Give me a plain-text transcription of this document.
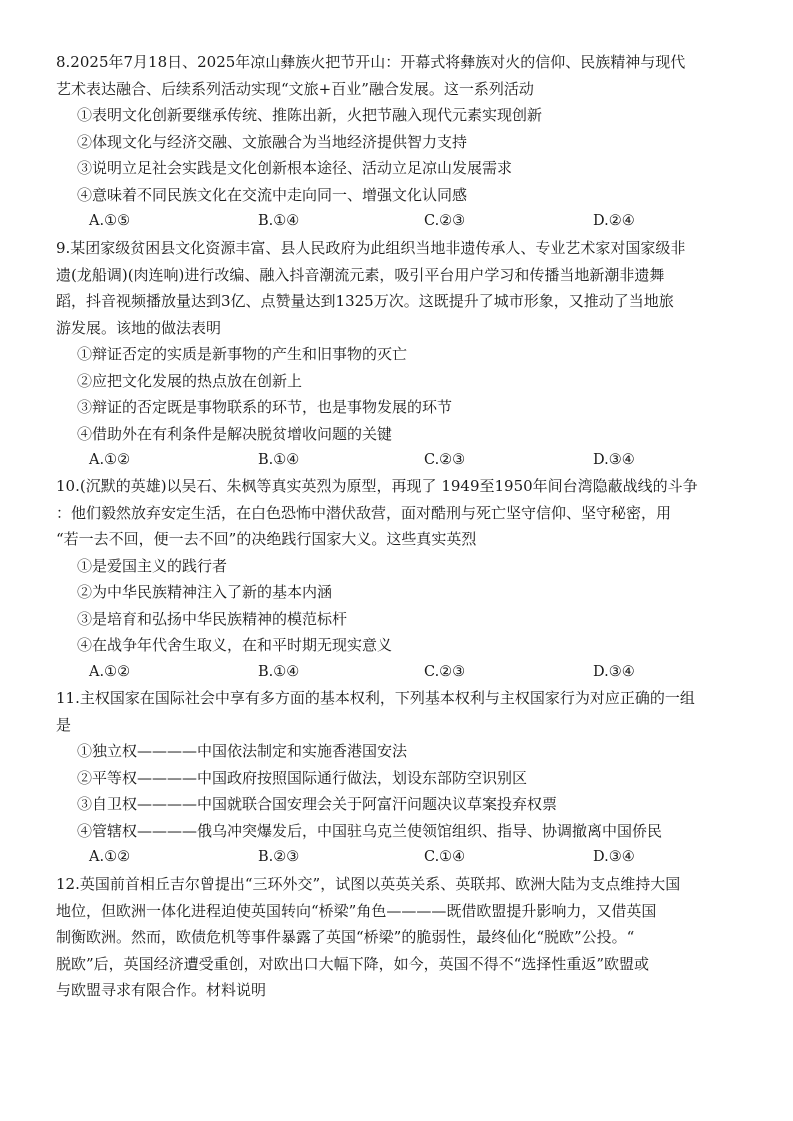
8.2025年7月18日、2025年凉山彝族火把节开山：开幕式将彝族对火的信仰、民族精神与现代
艺术表达融合、后续系列活动实现“文旅+百业”融合发展。这一系列活动
①表明文化创新要继承传统、推陈出新，火把节融入现代元素实现创新
②体现文化与经济交融、文旅融合为当地经济提供智力支持
③说明立足社会实践是文化创新根本途径、活动立足凉山发展需求
④意味着不同民族文化在交流中走向同一、增强文化认同感
A.①⑤	B.①④	C.②③	D.②④
9.某团家级贫困县文化资源丰富、县人民政府为此组织当地非遗传承人、专业艺术家对国家级非
遗(龙船调)(肉连响)进行改编、融入抖音潮流元素，吸引平台用户学习和传播当地新潮非遗舞
蹈，抖音视频播放量达到3亿、点赞量达到1325万次。这既提升了城市形象，又推动了当地旅
游发展。该地的做法表明
①辩证否定的实质是新事物的产生和旧事物的灭亡
②应把文化发展的热点放在创新上
③辩证的否定既是事物联系的环节，也是事物发展的环节
④借助外在有利条件是解决脱贫增收问题的关键
A.①②	B.①④	C.②③	D.③④
10.(沉默的英雄)以吴石、朱枫等真实英烈为原型，再现了 1949至1950年间台湾隐蔽战线的斗争
：他们毅然放弃安定生活，在白色恐怖中潜伏敌营，面对酷刑与死亡坚守信仰、坚守秘密，用
“若一去不回，便一去不回”的决绝践行国家大义。这些真实英烈
①是爱国主义的践行者
②为中华民族精神注入了新的基本内涵
③是培育和弘扬中华民族精神的模范标杆
④在战争年代舍生取义，在和平时期无现实意义
A.①②	B.①④	C.②③	D.③④
11.主权国家在国际社会中享有多方面的基本权利，下列基本权利与主权国家行为对应正确的一组
是
①独立权————中国依法制定和实施香港国安法
②平等权————中国政府按照国际通行做法，划设东部防空识别区
③自卫权————中国就联合国安理会关于阿富汗问题决议草案投弃权票
④管辖权————俄乌冲突爆发后，中国驻乌克兰使领馆组织、指导、协调撤离中国侨民
A.①②	B.②③	C.①④	D.③④
12.英国前首相丘吉尔曾提出“三环外交”，试图以英英关系、英联邦、欧洲大陆为支点维持大国
地位，但欧洲一体化进程迫使英国转向“桥梁”角色————既借欧盟提升影响力，又借英国
制衡欧洲。然而，欧债危机等事件暴露了英国“桥梁”的脆弱性，最终仙化“脱欧”公投。“
脱欧”后，英国经济遭受重创，对欧出口大幅下降，如今，英国不得不“选择性重返”欧盟或
与欧盟寻求有限合作。材料说明
